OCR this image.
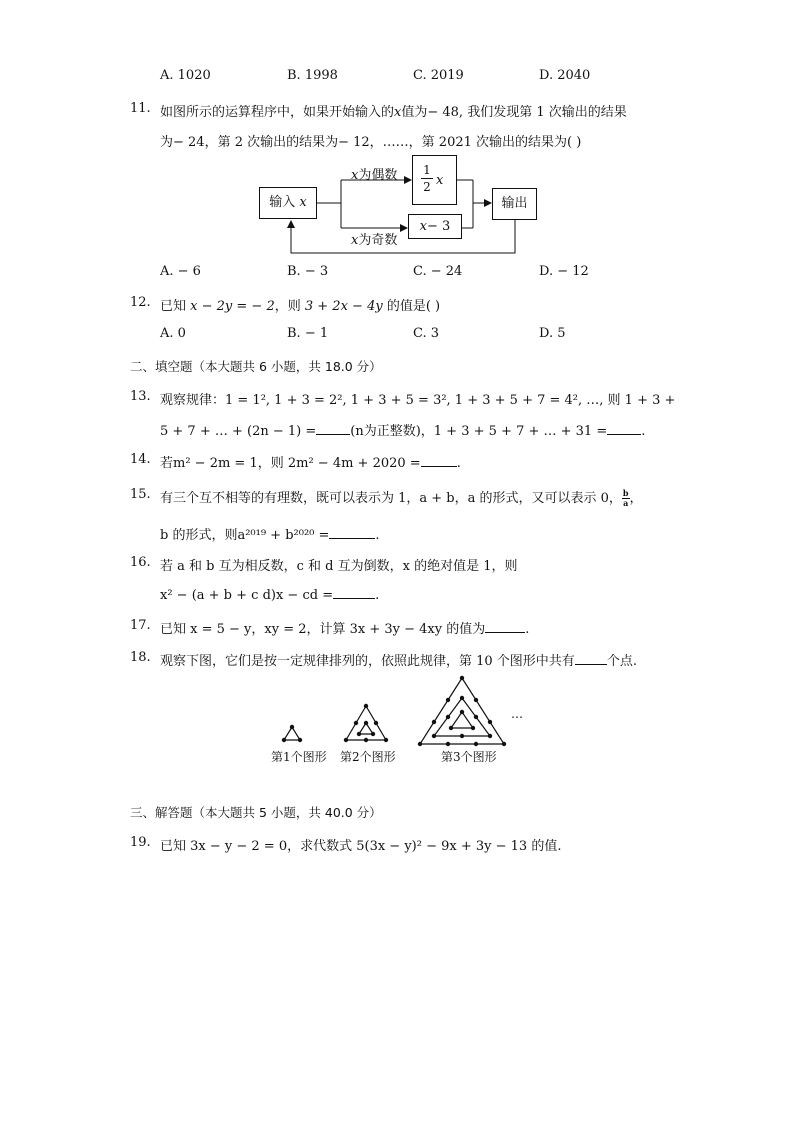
A. 1020	B. 1998	C. 2019	D. 2040
11. 如图所示的运算程序中，如果开始输入的x值为− 48, 我们发现第 1 次输出的结果
为− 24，第 2 次输出的结果为− 12，……，第 2021 次输出的结果为( )
输入 x
x为偶数
x为奇数
1
2 x
x− 3
输出
A. − 6	B. − 3	C. − 24	D. − 12
12. 已知 x − 2y = − 2，则 3 + 2x − 4y 的值是( )
A. 0	B. − 1	C. 3	D. 5
二、填空题（本大题共 6 小题，共 18.0 分）
13. 观察规律：1 = 1², 1 + 3 = 2², 1 + 3 + 5 = 3², 1 + 3 + 5 + 7 = 4², …, 则 1 + 3 +
5 + 7 + … + (2n − 1) =	(n为正整数)，1 + 3 + 5 + 7 + … + 31 =	.
14. 若m² − 2m = 1，则 2m² − 4m + 2020 =	.
15. 有三个互不相等的有理数，既可以表示为 1，a + b，a 的形式，又可以表示 0， $\frac{b}{a}$ ，
b 的形式，则a²⁰¹⁹ + b²⁰²⁰ =	.
16. 若 a 和 b 互为相反数，c 和 d 互为倒数，x 的绝对值是 1，则
x² − (a + b + c d)x − cd =	.
17. 已知 x = 5 − y，xy = 2，计算 3x + 3y − 4xy 的值为	.
18. 观察下图，它们是按一定规律排列的，依照此规律，第 10 个图形中共有 个点.
…
第1个图形 第2个图形	第3个图形
三、解答题（本大题共 5 小题，共 40.0 分）
19. 已知 3x − y − 2 = 0，求代数式 5(3x − y)² − 9x + 3y − 13 的值.
